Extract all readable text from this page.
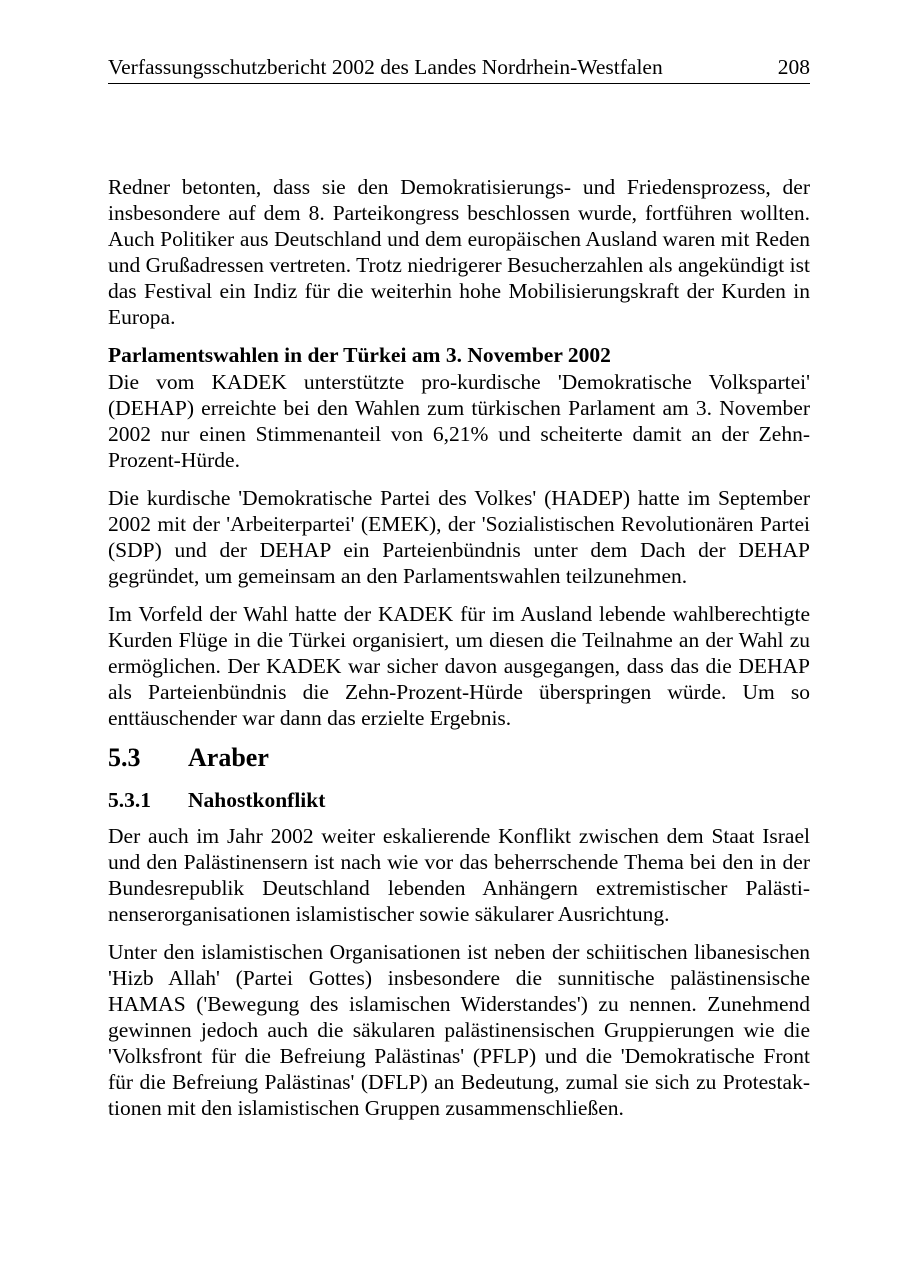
Verfassungsschutzbericht 2002 des Landes Nordrhein-Westfalen	208

Redner betonten, dass sie den Demokratisierungs- und Friedensprozess, der insbesondere auf dem 8. Parteikongress beschlossen wurde, fortführen wollten. Auch Politiker aus Deutschland und dem europäischen Ausland waren mit Reden und Grußadressen vertreten. Trotz niedrigerer Besucherzahlen als angekündigt ist das Festival ein Indiz für die weiterhin hohe Mobilisierungskraft der Kurden in Europa.

Parlamentswahlen in der Türkei am 3. November 2002

Die vom KADEK unterstützte pro-kurdische 'Demokratische Volkspartei' (DEHAP) erreichte bei den Wahlen zum türkischen Parlament am 3. November 2002 nur einen Stimmenanteil von 6,21% und scheiterte damit an der Zehn-Prozent-Hürde.

Die kurdische 'Demokratische Partei des Volkes' (HADEP) hatte im September 2002 mit der 'Arbeiterpartei' (EMEK), der 'Sozialistischen Revolutionären Partei (SDP) und der DEHAP ein Parteienbündnis unter dem Dach der DEHAP gegründet, um gemeinsam an den Parlamentswahlen teilzunehmen.

Im Vorfeld der Wahl hatte der KADEK für im Ausland lebende wahlberechtigte Kurden Flüge in die Türkei organisiert, um diesen die Teilnahme an der Wahl zu ermöglichen. Der KADEK war sicher davon ausgegangen, dass das die DEHAP als Parteienbündnis die Zehn-Prozent-Hürde überspringen würde. Um so enttäuschender war dann das erzielte Ergebnis.

5.3	Araber
5.3.1	Nahostkonflikt

Der auch im Jahr 2002 weiter eskalierende Konflikt zwischen dem Staat Israel und den Palästinensern ist nach wie vor das beherrschende Thema bei den in der Bundesrepublik Deutschland lebenden Anhängern extremistischer Palästinenserorganisationen islamistischer sowie säkularer Ausrichtung.

Unter den islamistischen Organisationen ist neben der schiitischen libanesischen 'Hizb Allah' (Partei Gottes) insbesondere die sunnitische palästinensische HAMAS ('Bewegung des islamischen Widerstandes') zu nennen. Zunehmend gewinnen jedoch auch die säkularen palästinensischen Gruppierungen wie die 'Volksfront für die Befreiung Palästinas' (PFLP) und die 'Demokratische Front für die Befreiung Palästinas' (DFLP) an Bedeutung, zumal sie sich zu Protestaktionen mit den islamistischen Gruppen zusammenschließen.
